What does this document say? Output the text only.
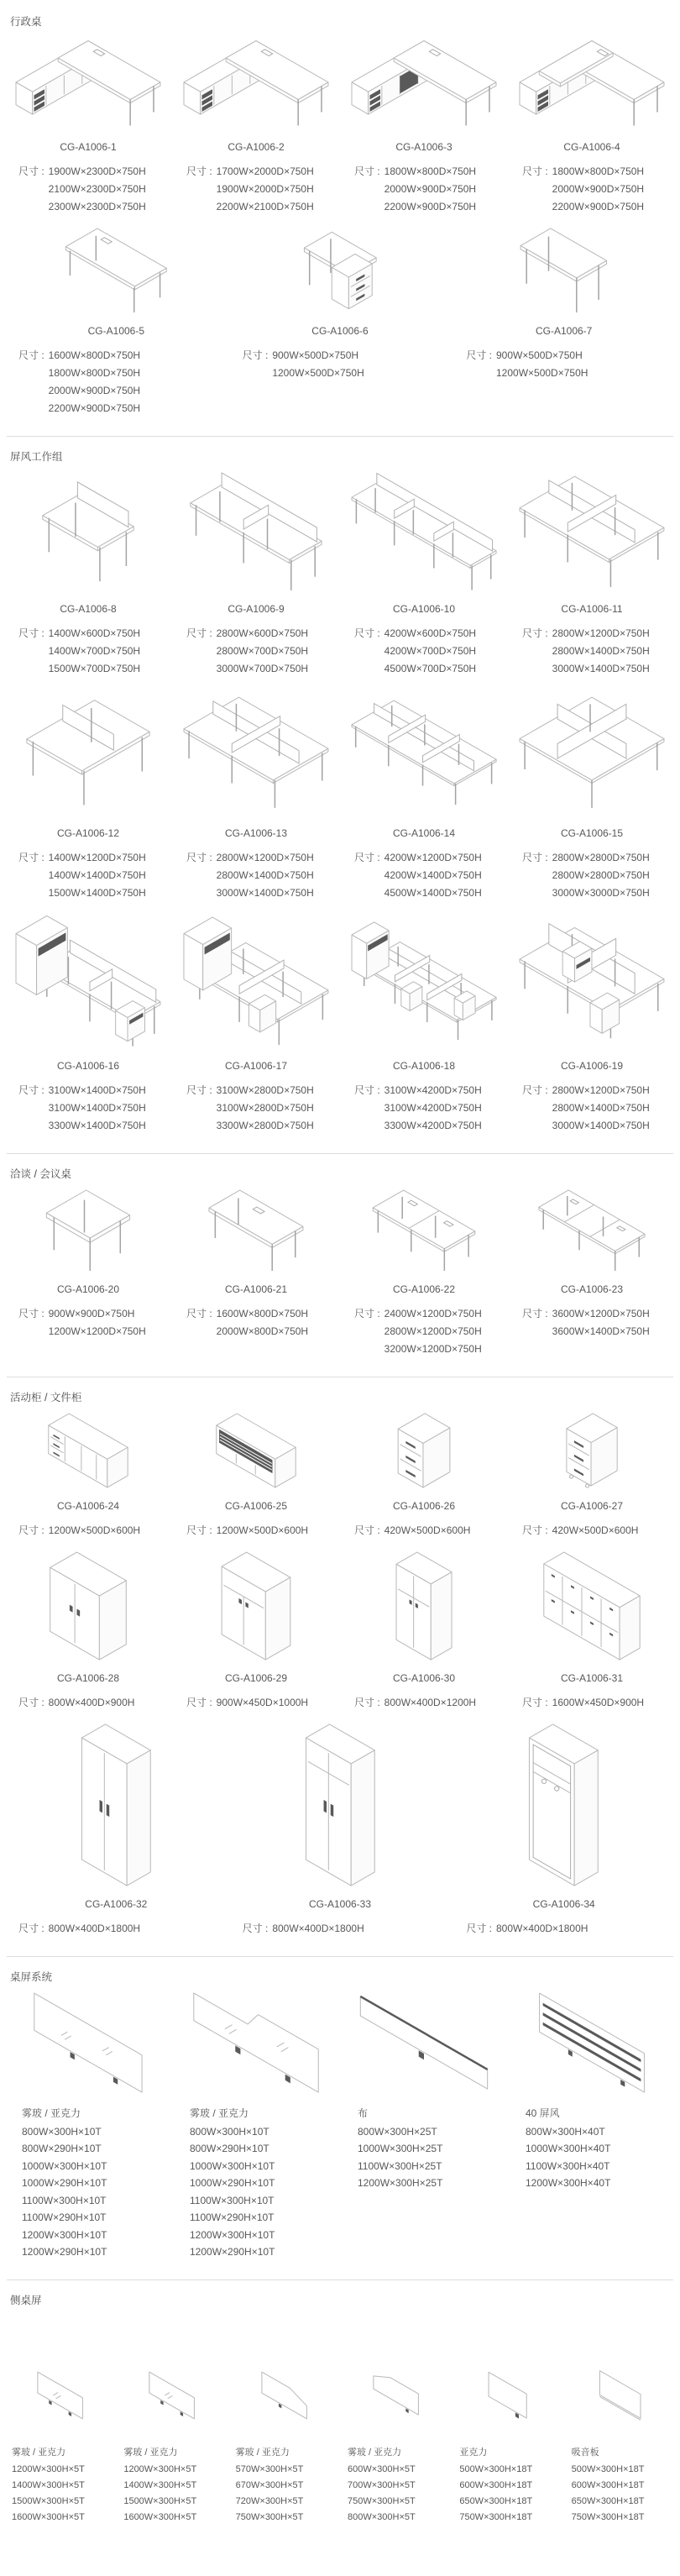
行政桌
CG-A1006-1
尺寸 : 1900W×2300D×750H
2100W×2300D×750H
2300W×2300D×750H
CG-A1006-2
尺寸 : 1700W×2000D×750H
1900W×2000D×750H
2200W×2100D×750H
CG-A1006-3
尺寸 : 1800W×800D×750H
2000W×900D×750H
2200W×900D×750H
CG-A1006-4
尺寸 : 1800W×800D×750H
2000W×900D×750H
2200W×900D×750H
CG-A1006-5
尺寸 : 1600W×800D×750H
1800W×800D×750H
2000W×900D×750H
2200W×900D×750H
CG-A1006-6
尺寸 : 900W×500D×750H
1200W×500D×750H
CG-A1006-7
尺寸 : 900W×500D×750H
1200W×500D×750H
屏风工作组
CG-A1006-8
尺寸 : 1400W×600D×750H
1400W×700D×750H
1500W×700D×750H
CG-A1006-9
尺寸 : 2800W×600D×750H
2800W×700D×750H
3000W×700D×750H
CG-A1006-10
尺寸 : 4200W×600D×750H
4200W×700D×750H
4500W×700D×750H
CG-A1006-11
尺寸 : 2800W×1200D×750H
2800W×1400D×750H
3000W×1400D×750H
CG-A1006-12
尺寸 : 1400W×1200D×750H
1400W×1400D×750H
1500W×1400D×750H
CG-A1006-13
尺寸 : 2800W×1200D×750H
2800W×1400D×750H
3000W×1400D×750H
CG-A1006-14
尺寸 : 4200W×1200D×750H
4200W×1400D×750H
4500W×1400D×750H
CG-A1006-15
尺寸 : 2800W×2800D×750H
2800W×2800D×750H
3000W×3000D×750H
CG-A1006-16
尺寸 : 3100W×1400D×750H
3100W×1400D×750H
3300W×1400D×750H
CG-A1006-17
尺寸 : 3100W×2800D×750H
3100W×2800D×750H
3300W×2800D×750H
CG-A1006-18
尺寸 : 3100W×4200D×750H
3100W×4200D×750H
3300W×4200D×750H
CG-A1006-19
尺寸 : 2800W×1200D×750H
2800W×1400D×750H
3000W×1400D×750H
洽谈 / 会议桌
CG-A1006-20
尺寸 : 900W×900D×750H
1200W×1200D×750H
CG-A1006-21
尺寸 : 1600W×800D×750H
2000W×800D×750H
CG-A1006-22
尺寸 : 2400W×1200D×750H
2800W×1200D×750H
3200W×1200D×750H
CG-A1006-23
尺寸 : 3600W×1200D×750H
3600W×1400D×750H
活动柜 / 文件柜
CG-A1006-24
尺寸 : 1200W×500D×600H
CG-A1006-25
尺寸 : 1200W×500D×600H
CG-A1006-26
尺寸 : 420W×500D×600H
CG-A1006-27
尺寸 : 420W×500D×600H
CG-A1006-28
尺寸 : 800W×400D×900H
CG-A1006-29
尺寸 : 900W×450D×1000H
CG-A1006-30
尺寸 : 800W×400D×1200H
CG-A1006-31
尺寸 : 1600W×450D×900H
CG-A1006-32
尺寸 : 800W×400D×1800H
CG-A1006-33
尺寸 : 800W×400D×1800H
CG-A1006-34
尺寸 : 800W×400D×1800H
桌屏系统
雾玻 / 亚克力
800W×300H×10T
800W×290H×10T
1000W×300H×10T
1000W×290H×10T
1100W×300H×10T
1100W×290H×10T
1200W×300H×10T
1200W×290H×10T
雾玻 / 亚克力
800W×300H×10T
800W×290H×10T
1000W×300H×10T
1000W×290H×10T
1100W×300H×10T
1100W×290H×10T
1200W×300H×10T
1200W×290H×10T
布
800W×300H×25T
1000W×300H×25T
1100W×300H×25T
1200W×300H×25T
40 屏风
800W×300H×40T
1000W×300H×40T
1100W×300H×40T
1200W×300H×40T
侧桌屏
雾玻 / 亚克力
1200W×300H×5T
1400W×300H×5T
1500W×300H×5T
1600W×300H×5T
雾玻 / 亚克力
1200W×300H×5T
1400W×300H×5T
1500W×300H×5T
1600W×300H×5T
雾玻 / 亚克力
570W×300H×5T
670W×300H×5T
720W×300H×5T
750W×300H×5T
雾玻 / 亚克力
600W×300H×5T
700W×300H×5T
750W×300H×5T
800W×300H×5T
亚克力
500W×300H×18T
600W×300H×18T
650W×300H×18T
750W×300H×18T
吸音板
500W×300H×18T
600W×300H×18T
650W×300H×18T
750W×300H×18T
